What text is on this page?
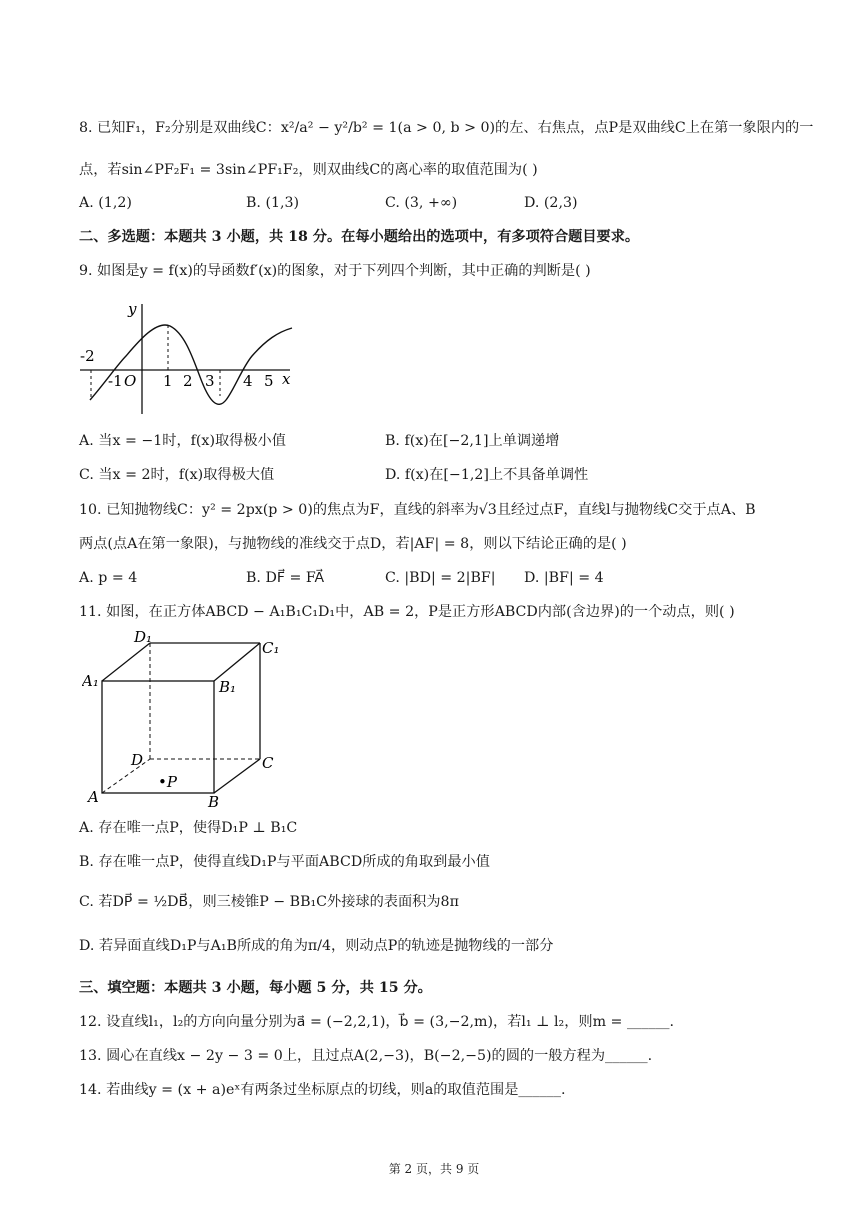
8. 已知F₁，F₂分别是双曲线C：x²/a² − y²/b² = 1(a > 0, b > 0)的左、右焦点，点P是双曲线C上在第一象限内的一
点，若sin∠PF₂F₁ = 3sin∠PF₁F₂，则双曲线C的离心率的取值范围为( )
A. (1,2)	B. (1,3)	C. (3, +∞)	D. (2,3)
二、多选题：本题共 3 小题，共 18 分。在每小题给出的选项中，有多项符合题目要求。
9. 如图是y = f(x)的导函数f′(x)的图象，对于下列四个判断，其中正确的判断是( )
y
x
O
-2
-1	1 2 3 4 5
A. 当x = −1时，f(x)取得极小值	B. f(x)在[−2,1]上单调递增
C. 当x = 2时，f(x)取得极大值	D. f(x)在[−1,2]上不具备单调性
10. 已知抛物线C：y² = 2px(p > 0)的焦点为F，直线的斜率为√3且经过点F，直线l与抛物线C交于点A、B
两点(点A在第一象限)，与抛物线的准线交于点D，若|AF| = 8，则以下结论正确的是( )
A. p = 4	B. DF⃗ = FA⃗	C. |BD| = 2|BF| D. |BF| = 4
11. 如图，在正方体ABCD − A₁B₁C₁D₁中，AB = 2，P是正方形ABCD内部(含边界)的一个动点，则( )
D₁
C₁
A₁	B₁
D	C
•P
A	B
A. 存在唯一点P，使得D₁P ⊥ B₁C
B. 存在唯一点P，使得直线D₁P与平面ABCD所成的角取到最小值
C. 若DP⃗ = ½DB⃗，则三棱锥P − BB₁C外接球的表面积为8π
D. 若异面直线D₁P与A₁B所成的角为π/4，则动点P的轨迹是抛物线的一部分
三、填空题：本题共 3 小题，每小题 5 分，共 15 分。
12. 设直线l₁，l₂的方向向量分别为a⃗ = (−2,2,1)，b⃗ = (3,−2,m)，若l₁ ⊥ l₂，则m = ______.
13. 圆心在直线x − 2y − 3 = 0上，且过点A(2,−3)，B(−2,−5)的圆的一般方程为______.
14. 若曲线y = (x + a)eˣ有两条过坐标原点的切线，则a的取值范围是______.
第 2 页，共 9 页
